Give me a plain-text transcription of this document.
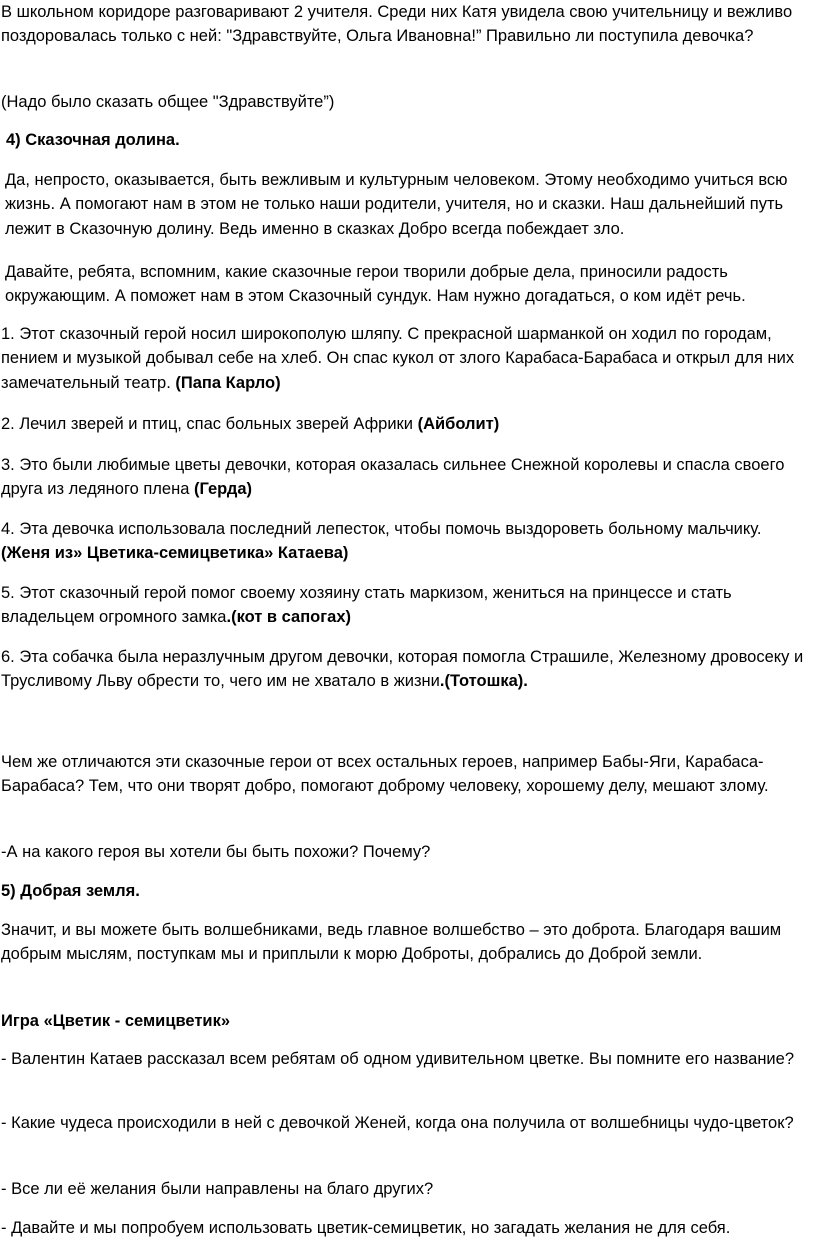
В школьном коридоре разговаривают 2 учителя. Среди них Катя увидела свою учительницу и вежливо поздоровалась только с ней: "Здравствуйте, Ольга Ивановна!” Правильно ли поступила девочка?

(Надо было сказать общее "Здравствуйте”)

4) Сказочная долина.

Да, непросто, оказывается, быть вежливым и культурным человеком. Этому необходимо учиться всю жизнь. А помогают нам в этом не только наши родители, учителя, но и сказки. Наш дальнейший путь лежит в Сказочную долину. Ведь именно в сказках Добро всегда побеждает зло.

Давайте, ребята, вспомним, какие сказочные герои творили добрые дела, приносили радость окружающим. А поможет нам в этом Сказочный сундук. Нам нужно догадаться, о ком идёт речь.

1. Этот сказочный герой носил широкополую шляпу. С прекрасной шарманкой он ходил по городам, пением и музыкой добывал себе на хлеб. Он спас кукол от злого Карабаса-Барабаса и открыл для них замечательный театр. (Папа Карло)

2. Лечил зверей и птиц, спас больных зверей Африки (Айболит)

3. Это были любимые цветы девочки, которая оказалась сильнее Снежной королевы и спасла своего друга из ледяного плена (Герда)

4. Эта девочка использовала последний лепесток, чтобы помочь выздороветь больному мальчику. (Женя из» Цветика-семицветика» Катаева)

5. Этот сказочный герой помог своему хозяину стать маркизом, жениться на принцессе и стать владельцем огромного замка.(кот в сапогах)

6. Эта собачка была неразлучным другом девочки, которая помогла Страшиле, Железному дровосеку и Трусливому Льву обрести то, чего им не хватало в жизни.(Тотошка).

Чем же отличаются эти сказочные герои от всех остальных героев, например Бабы-Яги, Карабаса-Барабаса? Тем, что они творят добро, помогают доброму человеку, хорошему делу, мешают злому.

-А на какого героя вы хотели бы быть похожи? Почему?

5) Добрая земля.

Значит, и вы можете быть волшебниками, ведь главное волшебство – это доброта. Благодаря вашим добрым мыслям, поступкам мы и приплыли к морю Доброты, добрались до Доброй земли.

Игра «Цветик - семицветик»

- Валентин Катаев рассказал всем ребятам об одном удивительном цветке. Вы помните его название?

- Какие чудеса происходили в ней с девочкой Женей, когда она получила от волшебницы чудо-цветок?

- Все ли её желания были направлены на благо других?

- Давайте и мы попробуем использовать цветик-семицветик, но загадать желания не для себя.
